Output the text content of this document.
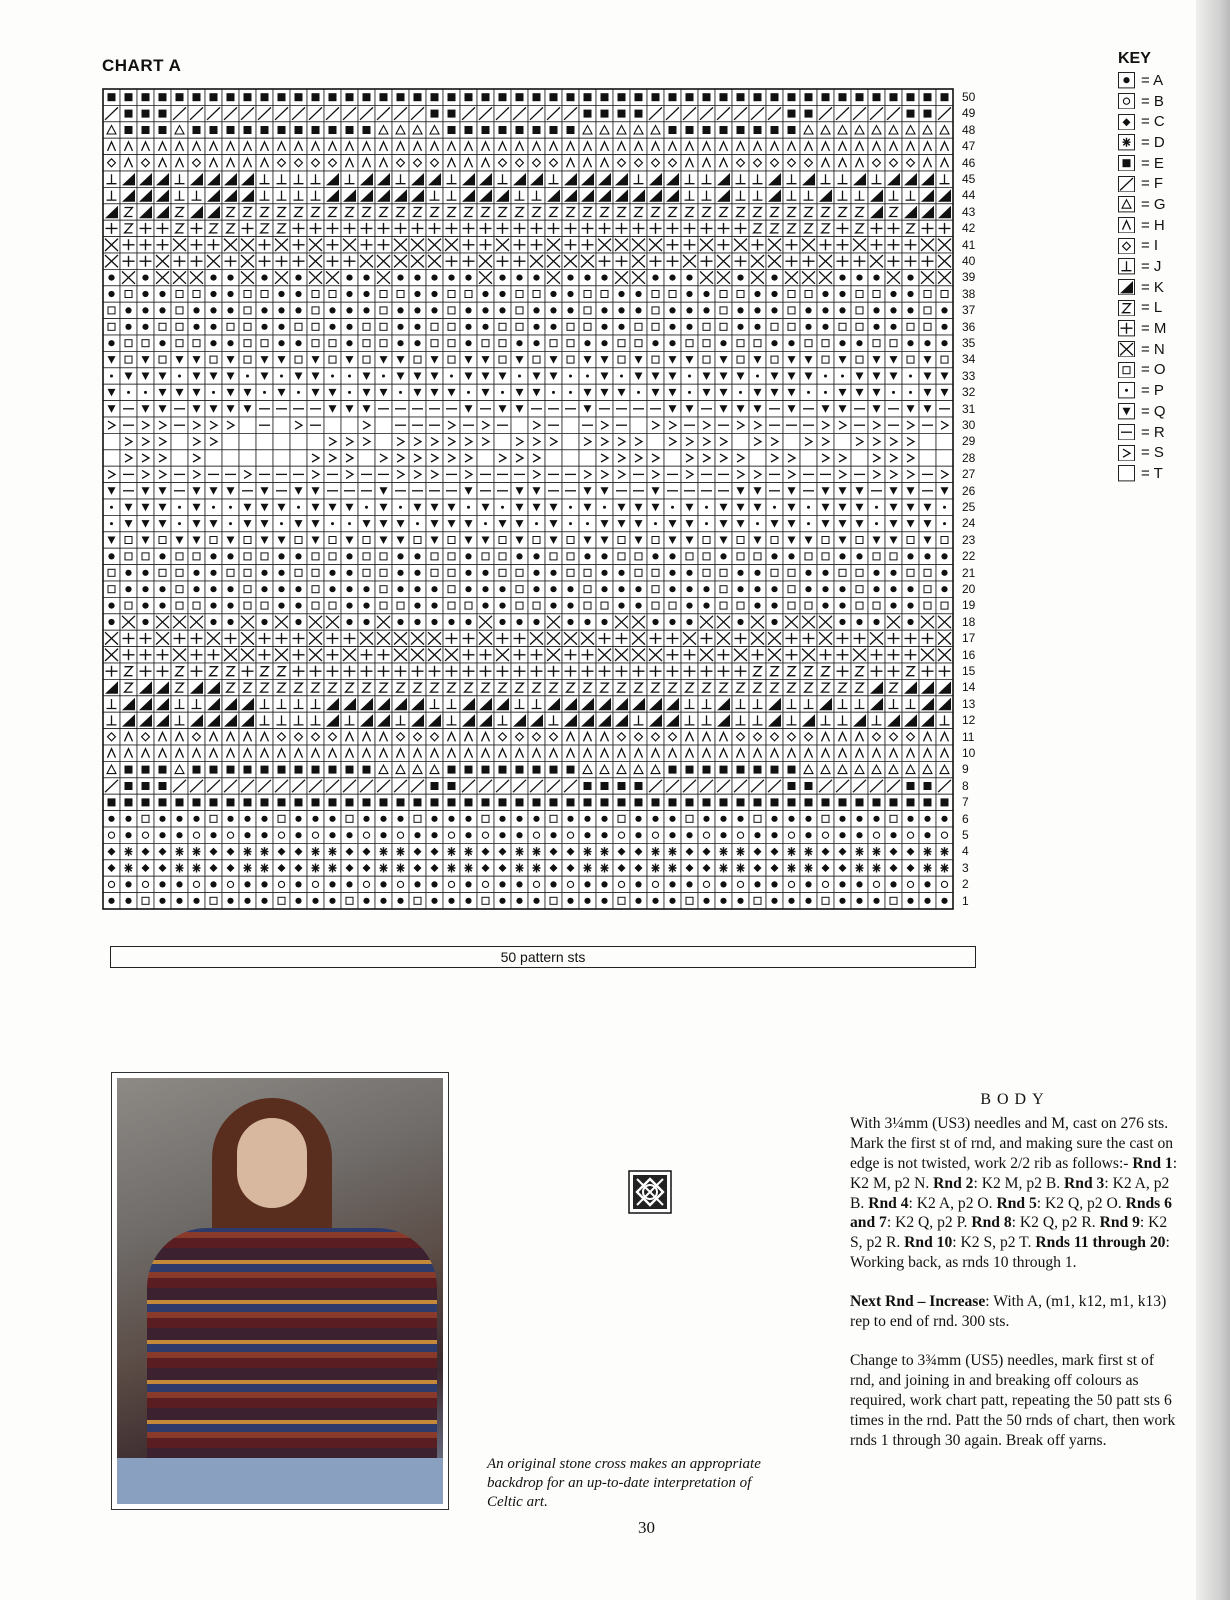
CHART A
50
49
48
47
46
45
44
43
42
41
40
39
38
37
36
35
34
33
32
31
30
29
28
27
26
25
24
23
22
21
20
19
18
17
16
15
14
13
12
11
10
9
8
7
6
5
4
3
2
1
50 pattern sts
KEY
= A
= B
= C
= D
= E
= F
= G
= H
= I
= J
= K
= L
= M
= N
= O
= P
= Q
= R
= S
= T
An original stone cross makes an appropriate backdrop for an up-to-date interpretation of Celtic art.
30
BODY

With 3¼mm (US3) needles and M, cast on 276 sts. Mark the first st of rnd, and making sure the cast on edge is not twisted, work 2/2 rib as follows:- Rnd 1: K2 M, p2 N. Rnd 2: K2 M, p2 B. Rnd 3: K2 A, p2 B. Rnd 4: K2 A, p2 O. Rnd 5: K2 Q, p2 O. Rnds 6 and 7: K2 Q, p2 P. Rnd 8: K2 Q, p2 R. Rnd 9: K2 S, p2 R. Rnd 10: K2 S, p2 T. Rnds 11 through 20: Working back, as rnds 10 through 1.

Next Rnd – Increase: With A, (m1, k12, m1, k13) rep to end of rnd. 300 sts.

Change to 3¾mm (US5) needles, mark first st of rnd, and joining in and breaking off colours as required, work chart patt, repeating the 50 patt sts 6 times in the rnd. Patt the 50 rnds of chart, then work rnds 1 through 30 again. Break off yarns.
